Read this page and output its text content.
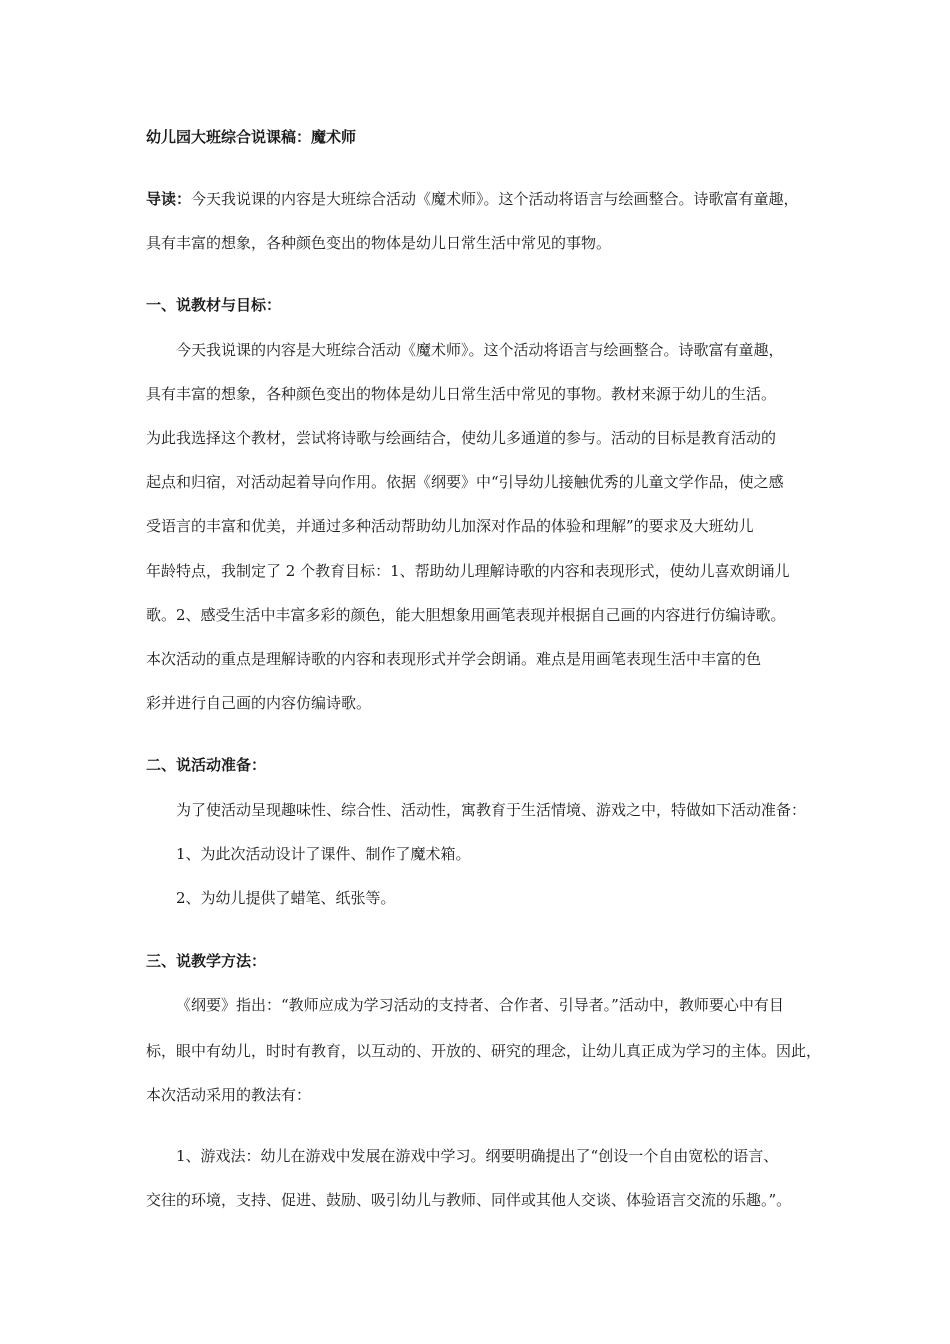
幼儿园大班综合说课稿：魔术师
导读：今天我说课的内容是大班综合活动《魔术师》。这个活动将语言与绘画整合。诗歌富有童趣，
具有丰富的想象，各种颜色变出的物体是幼儿日常生活中常见的事物。
一、说教材与目标：
今天我说课的内容是大班综合活动《魔术师》。这个活动将语言与绘画整合。诗歌富有童趣，
具有丰富的想象，各种颜色变出的物体是幼儿日常生活中常见的事物。教材来源于幼儿的生活。
为此我选择这个教材，尝试将诗歌与绘画结合，使幼儿多通道的参与。活动的目标是教育活动的
起点和归宿，对活动起着导向作用。依据《纲要》中“引导幼儿接触优秀的儿童文学作品，使之感
受语言的丰富和优美，并通过多种活动帮助幼儿加深对作品的体验和理解”的要求及大班幼儿
年龄特点，我制定了 2 个教育目标：1、帮助幼儿理解诗歌的内容和表现形式，使幼儿喜欢朗诵儿
歌。2、感受生活中丰富多彩的颜色，能大胆想象用画笔表现并根据自己画的内容进行仿编诗歌。
本次活动的重点是理解诗歌的内容和表现形式并学会朗诵。难点是用画笔表现生活中丰富的色
彩并进行自己画的内容仿编诗歌。
二、说活动准备：
为了使活动呈现趣味性、综合性、活动性，寓教育于生活情境、游戏之中，特做如下活动准备：
1、为此次活动设计了课件、制作了魔术箱。
2、为幼儿提供了蜡笔、纸张等。
三、说教学方法：
《纲要》指出：“教师应成为学习活动的支持者、合作者、引导者。”活动中，教师要心中有目
标，眼中有幼儿，时时有教育，以互动的、开放的、研究的理念，让幼儿真正成为学习的主体。因此，
本次活动采用的教法有：
1、游戏法：幼儿在游戏中发展在游戏中学习。纲要明确提出了“创设一个自由宽松的语言、
交往的环境，支持、促进、鼓励、吸引幼儿与教师、同伴或其他人交谈、体验语言交流的乐趣。”。
